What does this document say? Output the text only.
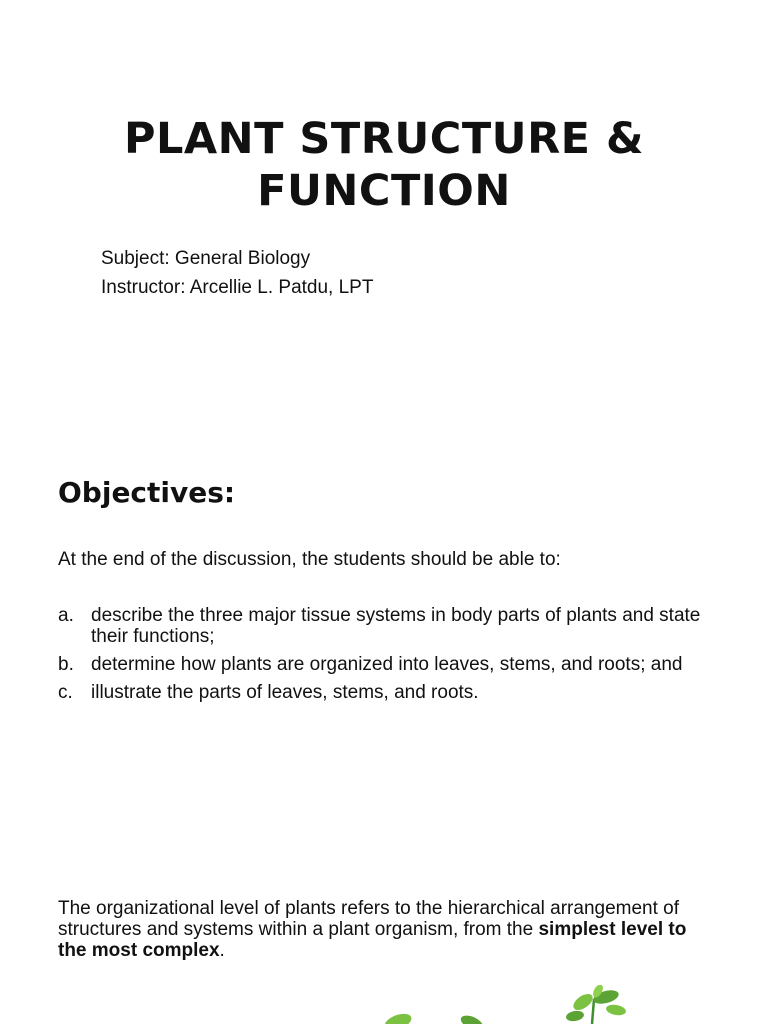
PLANT STRUCTURE &
FUNCTION
Subject: General Biology
Instructor: Arcellie L. Patdu, LPT
Objectives:
At the end of the discussion, the students should be able to:
a. describe the three major tissue systems in body parts of plants and state their functions;
b. determine how plants are organized into leaves, stems, and roots; and
c. illustrate the parts of leaves, stems, and roots.

The organizational level of plants refers to the hierarchical arrangement of structures and systems within a plant organism, from the simplest level to the most complex.
